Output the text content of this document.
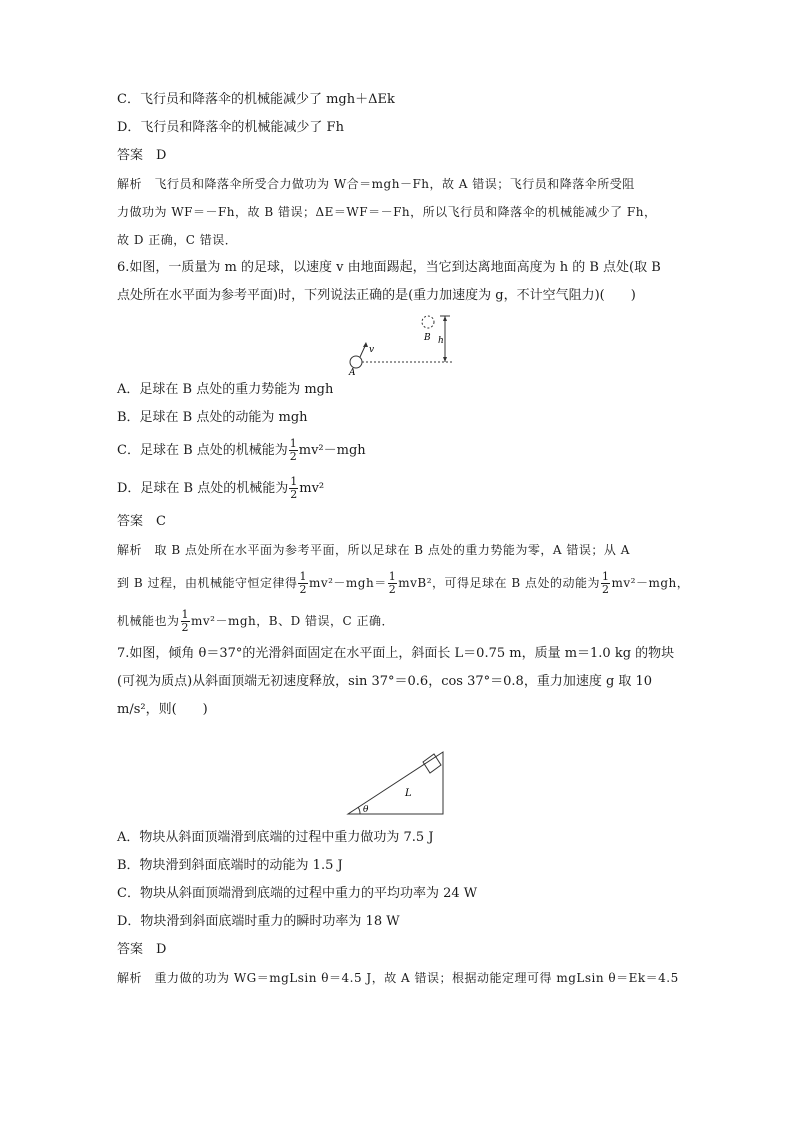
C．飞行员和降落伞的机械能减少了 mgh＋ΔEk
D．飞行员和降落伞的机械能减少了 Fh
答案　D
解析　飞行员和降落伞所受合力做功为 W合＝mgh－Fh，故 A 错误；飞行员和降落伞所受阻
力做功为 WF＝－Fh，故 B 错误；ΔE＝WF＝－Fh，所以飞行员和降落伞的机械能减少了 Fh，
故 D 正确，C 错误．
6.如图，一质量为 m 的足球，以速度 v 由地面踢起，当它到达离地面高度为 h 的 B 点处(取 B
点处所在水平面为参考平面)时，下列说法正确的是(重力加速度为 g，不计空气阻力)(　　)
v
A
B h
A．足球在 B 点处的重力势能为 mgh
B．足球在 B 点处的动能为 mgh
C．足球在 B 点处的机械能为 $\frac{1}{2} mv^2-mgh$
D．足球在 B 点处的机械能为 $\frac{1}{2} mv^2$
答案　C
解析　取 B 点处所在水平面为参考平面，所以足球在 B 点处的重力势能为零，A 错误；从 A
到 B 过程，由机械能守恒定律得 $\frac{1}{2} mv^2-mgh= \frac{1}{2} mvB^2$，可得足球在 B 点处的动能为 $\frac{1}{2} mv^2-mgh$，
机械能也为 $\frac{1}{2} mv^2-mgh$，B、D 错误，C 正确．
7.如图，倾角 θ＝37°的光滑斜面固定在水平面上，斜面长 L＝0.75 m，质量 m＝1.0 kg 的物块
(可视为质点)从斜面顶端无初速度释放，sin 37°＝0.6，cos 37°＝0.8，重力加速度 g 取 10
m/s²，则(　　)
L
θ
A．物块从斜面顶端滑到底端的过程中重力做功为 7.5 J
B．物块滑到斜面底端时的动能为 1.5 J
C．物块从斜面顶端滑到底端的过程中重力的平均功率为 24 W
D．物块滑到斜面底端时重力的瞬时功率为 18 W
答案　D
解析　重力做的功为 WG＝mgLsin θ＝4.5 J，故 A 错误；根据动能定理可得 mgLsin θ＝Ek＝4.5
